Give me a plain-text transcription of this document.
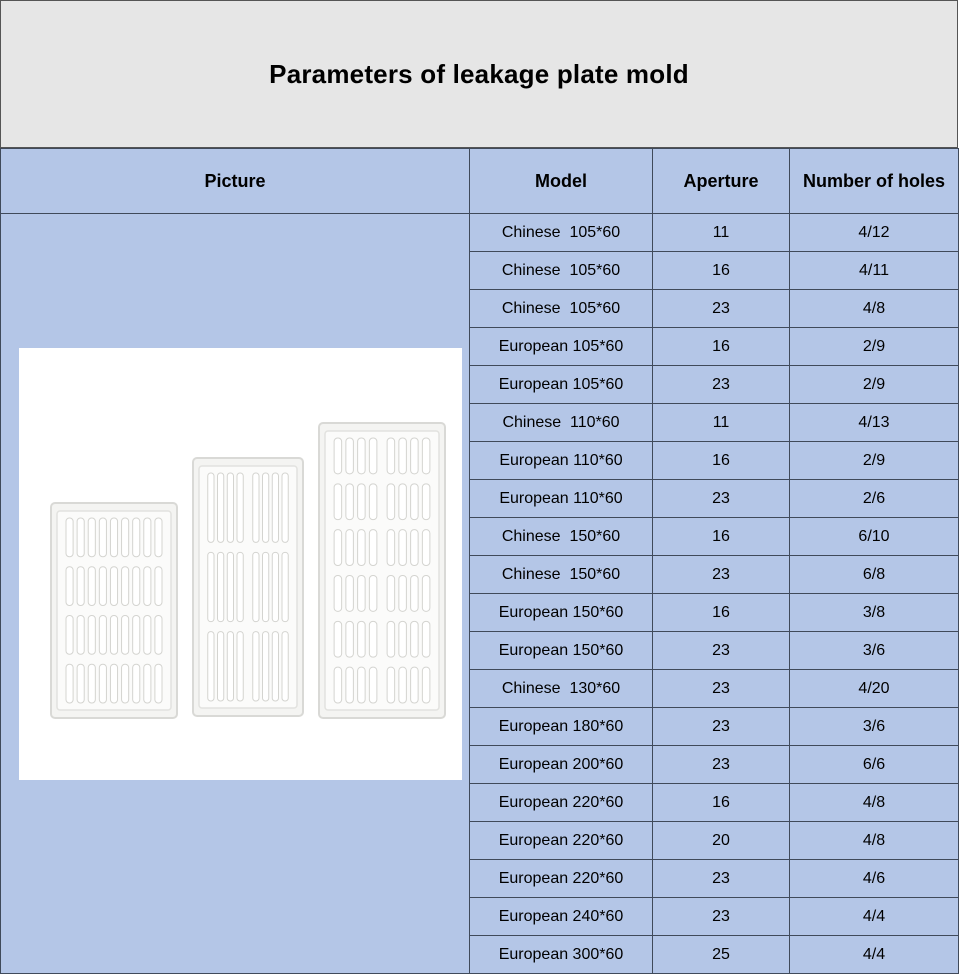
Parameters of leakage plate mold
Picture	Model	Aperture	Number of holes

	Chinese  105*60	11	4/12
	Chinese  105*60	16	4/11
	Chinese  105*60	23	4/8
	European 105*60	16	2/9
	European 105*60	23	2/9
	Chinese  110*60	11	4/13
	European 110*60	16	2/9
	European 110*60	23	2/6
	Chinese  150*60	16	6/10
	Chinese  150*60	23	6/8
	European 150*60	16	3/8
	European 150*60	23	3/6
	Chinese  130*60	23	4/20
	European 180*60	23	3/6
	European 200*60	23	6/6
	European 220*60	16	4/8
	European 220*60	20	4/8
	European 220*60	23	4/6
	European 240*60	23	4/4
	European 300*60	25	4/4
